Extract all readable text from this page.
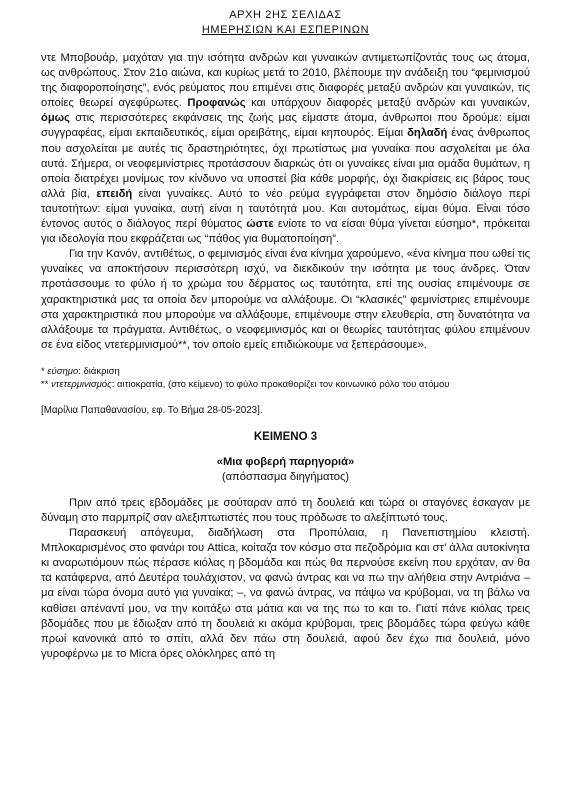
ΑΡΧΗ 2ΗΣ ΣΕΛΙΔΑΣ
ΗΜΕΡΗΣΙΩΝ ΚΑΙ ΕΣΠΕΡΙΝΩΝ

ντε Μποβουάρ, μαχόταν για την ισότητα ανδρών και γυναικών αντιμετωπίζοντάς τους ως άτομα, ως ανθρώπους. Στον 21ο αιώνα, και κυρίως μετά το 2010, βλέπουμε την ανάδειξη του “φεμινισμού της διαφοροποίησης”, ενός ρεύματος που επιμένει στις διαφορές μεταξύ ανδρών και γυναικών, τις οποίες θεωρεί αγεφύρωτες. Προφανώς και υπάρχουν διαφορές μεταξύ ανδρών και γυναικών, όμως στις περισσότερες εκφάνσεις της ζωής μας είμαστε άτομα, άνθρωποι που δρούμε: είμαι συγγραφέας, είμαι εκπαιδευτικός, είμαι ορειβάτης, είμαι κηπουρός. Είμαι δηλαδή ένας άνθρωπος που ασχολείται με αυτές τις δραστηριότητες, όχι πρωτίστως μια γυναίκα που ασχολείται με όλα αυτά. Σήμερα, οι νεοφεμινίστριες προτάσσουν διαρκώς ότι οι γυναίκες είναι μια ομάδα θυμάτων, η οποία διατρέχει μονίμως τον κίνδυνο να υποστεί βία κάθε μορφής, όχι διακρίσεις εις βάρος τους αλλά βία, επειδή είναι γυναίκες. Αυτό το νέο ρεύμα εγγράφεται στον δημόσιο διάλογο περί ταυτοτήτων: είμαι γυναίκα, αυτή είναι η ταυτότητά μου. Και αυτομάτως, είμαι θύμα. Είναι τόσο έντονος αυτός ο διάλογος περί θύματος ώστε ενίοτε το να είσαι θύμα γίνεται εύσημο*, πρόκειται για ιδεολογία που εκφράζεται ως “πάθος για θυματοποίηση”.

Για την Κανόν, αντιθέτως, ο φεμινισμός είναι ένα κίνημα χαρούμενο, «ένα κίνημα που ωθεί τις γυναίκες να αποκτήσουν περισσότερη ισχύ, να διεκδικούν την ισότητα με τους άνδρες. Όταν προτάσσουμε το φύλο ή το χρώμα του δέρματος ως ταυτότητα, επί της ουσίας επιμένουμε σε χαρακτηριστικά μας τα οποία δεν μπορούμε να αλλάξουμε. Οι “κλασικές” φεμινίστριες επιμένουμε στα χαρακτηριστικά που μπορούμε να αλλάξουμε, επιμένουμε στην ελευθερία, στη δυνατότητα να αλλάξουμε τα πράγματα. Αντιθέτως, ο νεοφεμινισμός και οι θεωρίες ταυτότητας φύλου επιμένουν σε ένα είδος ντετερμινισμού**, τον οποίο εμείς επιδιώκουμε να ξεπεράσουμε».

* εύσημο: διάκριση

** ντετερμινισμός: αιτιοκρατία, (στο κείμενο) το φύλο προκαθορίζει τον κοινωνικό ρόλο του ατόμου

[Μαρίλια Παπαθανασίου, εφ. Το Βήμα 28-05-2023].

ΚΕΙΜΕΝΟ 3

«Μια φοβερή παρηγοριά»

(απόσπασμα διηγήματος)

Πριν από τρεις εβδομάδες με σούταραν από τη δουλειά και τώρα οι σταγόνες έσκαγαν με δύναμη στο παρμπρίζ σαν αλεξιπτωτιστές που τους πρόδωσε το αλεξίπτωτό τους.

Παρασκευή απόγευμα, διαδήλωση στα Προπύλαια, η Πανεπιστημίου κλειστή. Μπλοκαρισμένος στο φανάρι του Attica, κοίταζα τον κόσμο στα πεζοδρόμια και στ’ άλλα αυτοκίνητα κι αναρωτιόμουν πώς πέρασε κιόλας η βδομάδα και πώς θα περνούσε εκείνη που ερχόταν, αν θα τα κατάφερνα, από Δευτέρα τουλάχιστον, να φανώ άντρας και να πω την αλήθεια στην Αντριάνα – μα είναι τώρα όνομα αυτό για γυναίκα; –, να φανώ άντρας, να πάψω να κρύβομαι, να τη βάλω να καθίσει απέναντί μου, να την κοιτάξω στα μάτια και να της πω το και το. Γιατί πάνε κιόλας τρεις βδομάδες που με έδιωξαν από τη δουλειά κι ακόμα κρύβομαι, τρεις βδομάδες τώρα φεύγω κάθε πρωί κανονικά από το σπίτι, αλλά δεν πάω στη δουλειά, αφού δεν έχω πια δουλειά, μόνο γυροφέρνω με το Micra όρες ολόκληρες από τη
